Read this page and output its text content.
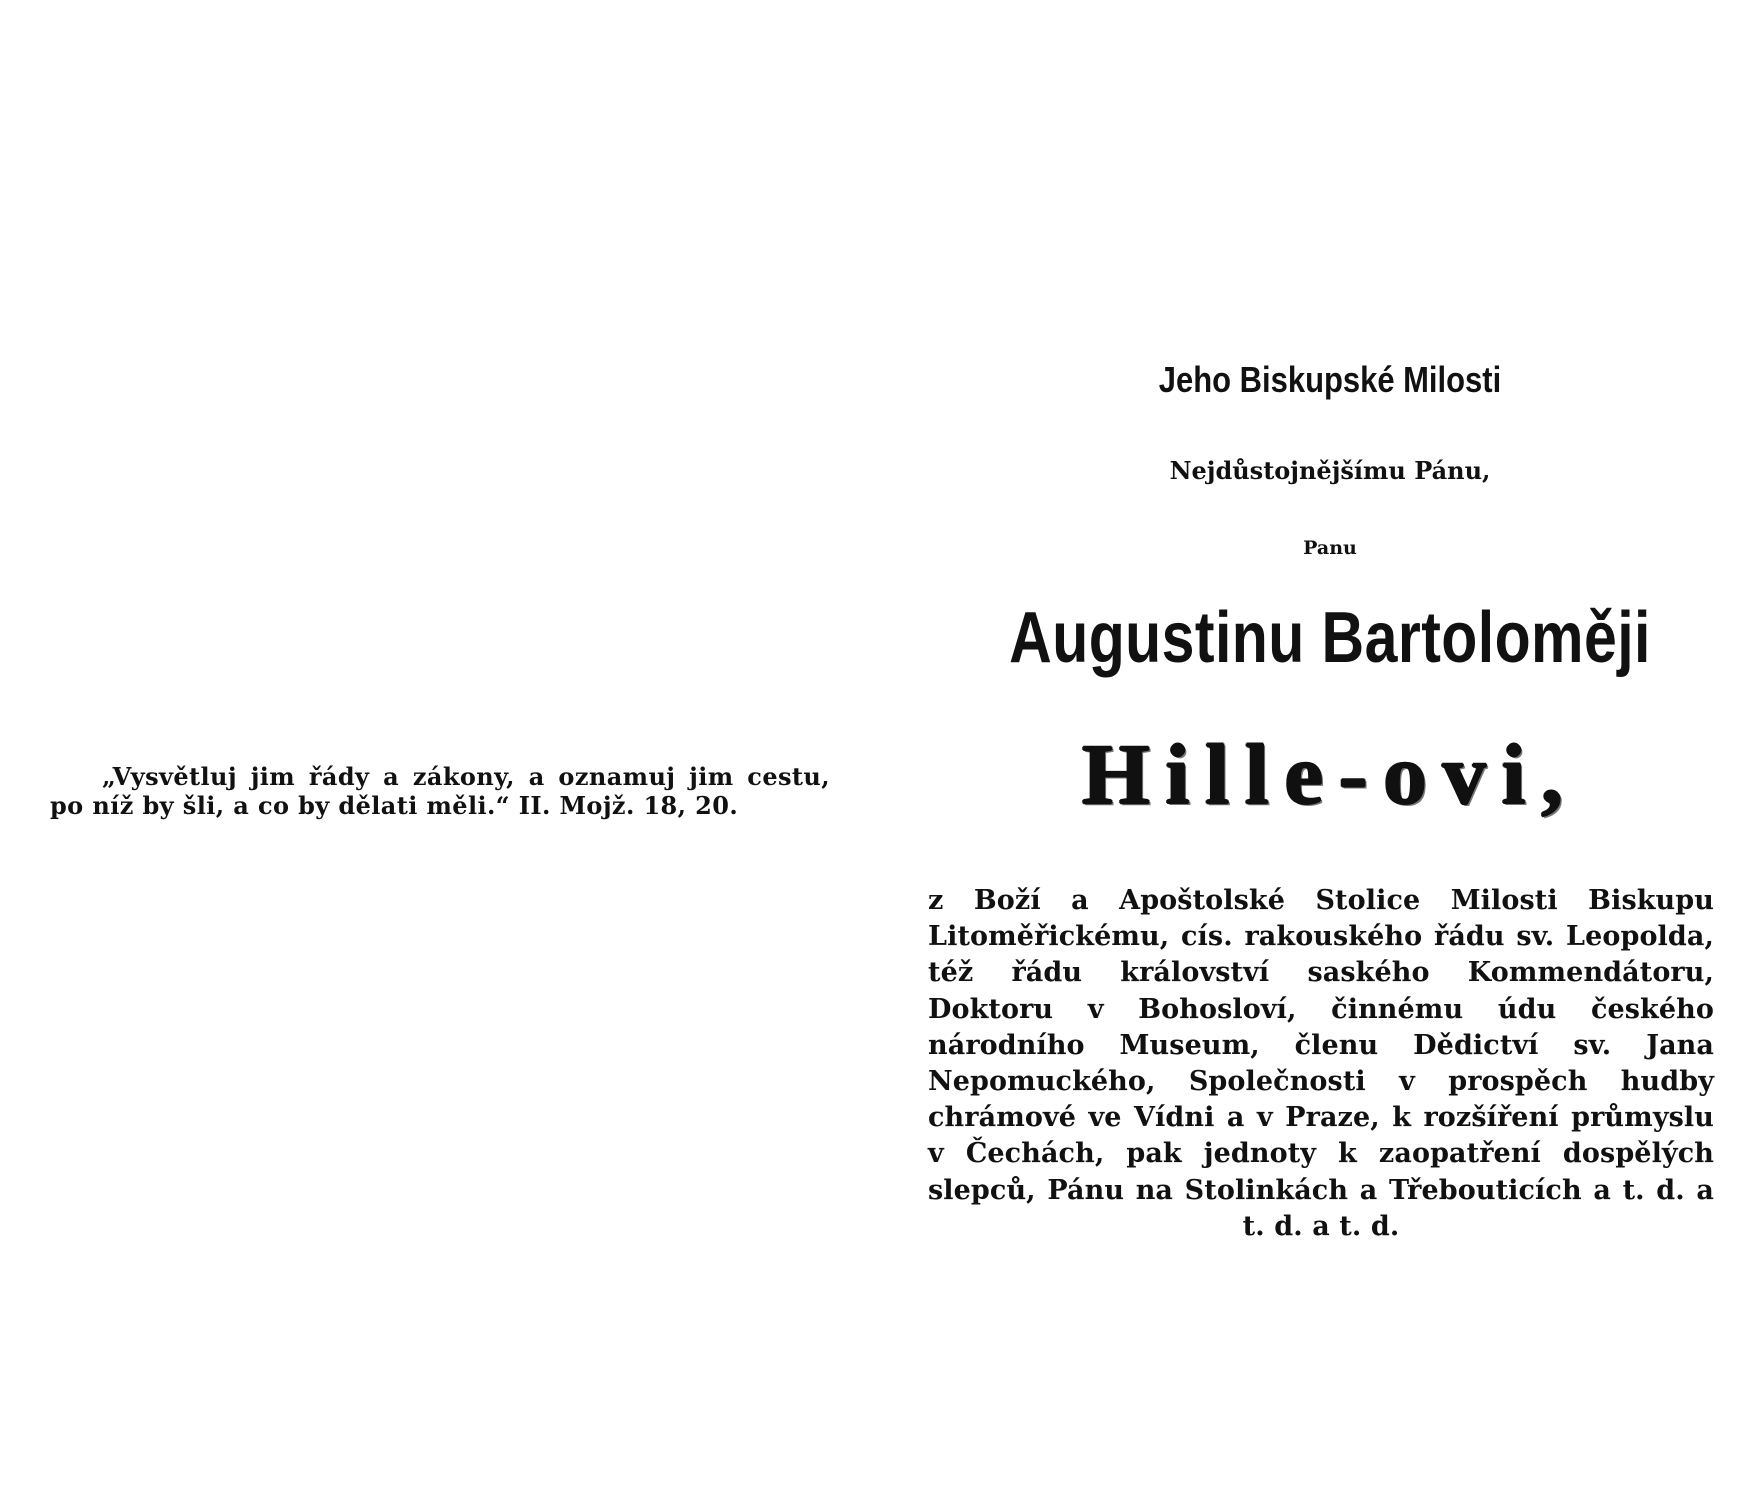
„Vysvětluj jim řády a zákony, a oznamuj jim cestu, po níž by šli, a co by dělati měli.“ II. Mojž. 18, 20.

Jeho Biskupské Milosti
Nejdůstojnějšímu Pánu,
Panu
Augustinu Bartoloměji
Hille-ovi,

z Boží a Apoštolské Stolice Milosti Biskupu Litoměřickému, cís. rakouského řádu sv. Leopolda, též řádu království saského Kommendátoru, Doktoru v Bohosloví, činnému údu českého národního Museum, členu Dědictví sv. Jana Nepomuckého, Společnosti v prospěch hudby chrámové ve Vídni a v Praze, k rozšíření průmyslu v Čechách, pak jednoty k zaopatření dospělých slepců, Pánu na Stolinkách a Třebouticích a t. d. a t. d. a t. d.
